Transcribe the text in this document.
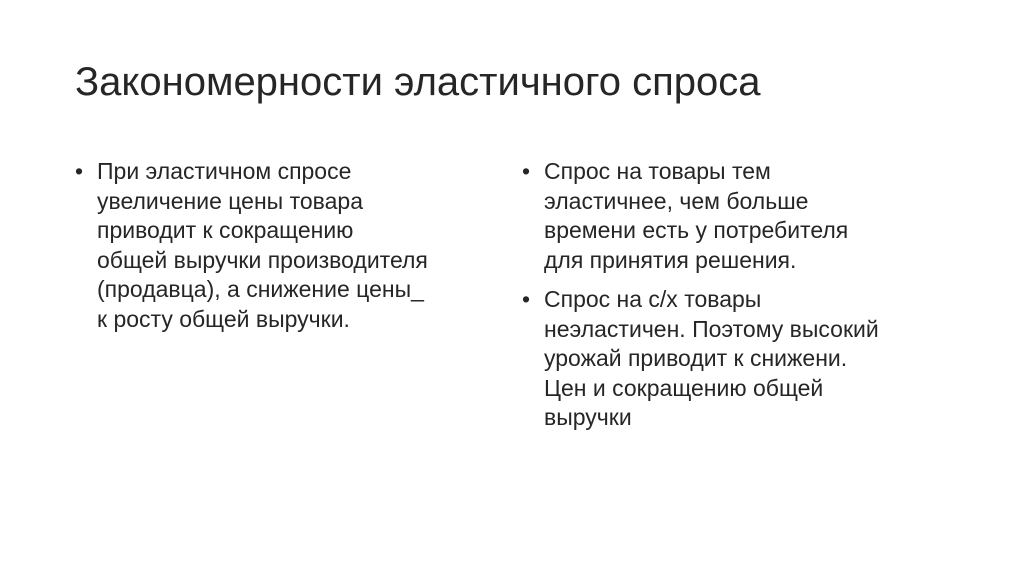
Закономерности эластичного спроса
• При эластичном спросе
увеличение цены товара
приводит к сокращению
общей выручки производителя
(продавца), а снижение цены_
к росту общей выручки.
• Спрос на товары тем
эластичнее, чем больше
времени есть у потребителя
для принятия решения.
• Спрос на с/х товары
неэластичен. Поэтому высокий
урожай приводит к снижени.
Цен и сокращению общей
выручки
